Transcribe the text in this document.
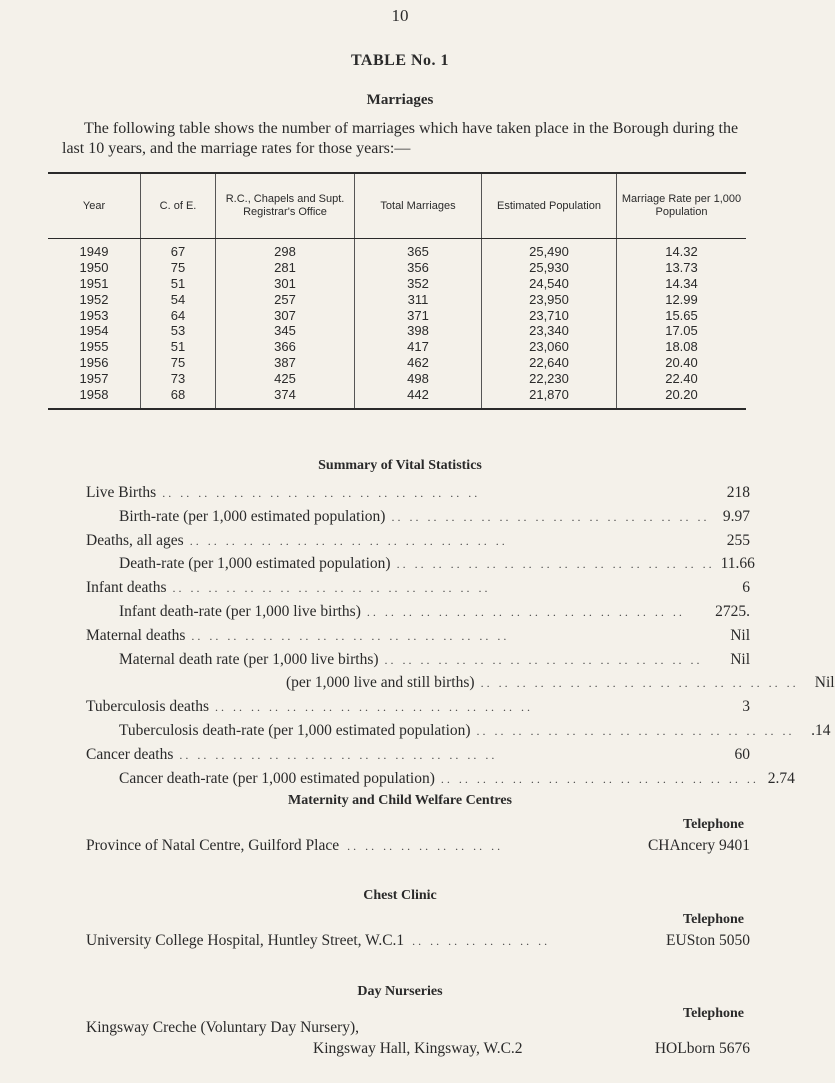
10
TABLE No. 1
Marriages
The following table shows the number of marriages which have taken place in the Borough during the last 10 years, and the marriage rates for those years:—
Year	C. of E.	R.C., Chapels and Supt. Registrar's Office	Total Marriages	Estimated Population	Marriage Rate per 1,000 Population
1949	67	298	365	25,490	14.32
1950	75	281	356	25,930	13.73
1951	51	301	352	24,540	14.34
1952	54	257	311	23,950	12.99
1953	64	307	371	23,710	15.65
1954	53	345	398	23,340	17.05
1955	51	366	417	23,060	18.08
1956	75	387	462	22,640	20.40
1957	73	425	498	22,230	22.40
1958	68	374	442	21,870	20.20
Summary of Vital Statistics
Live Births .. .. .. .. .. .. .. .. .. .. .. .. .. .. .. .. .. ..	218
Birth-rate (per 1,000 estimated population) .. .. .. .. .. .. .. .. .. .. .. .. .. .. .. .. .. .. 9.97
Deaths, all ages .. .. .. .. .. .. .. .. .. .. .. .. .. .. .. .. .. ..	255
Death-rate (per 1,000 estimated population) .. .. .. .. .. .. .. .. .. .. .. .. .. .. .. .. .. .. 11.66
Infant deaths .. .. .. .. .. .. .. .. .. .. .. .. .. .. .. .. .. ..	6
Infant death-rate (per 1,000 live births) .. .. .. .. .. .. .. .. .. .. .. .. .. .. .. .. .. ..	2725.
Maternal deaths .. .. .. .. .. .. .. .. .. .. .. .. .. .. .. .. .. ..	Nil
Maternal death rate (per 1,000 live births) .. .. .. .. .. .. .. .. .. .. .. .. .. .. .. .. .. ..	Nil
(per 1,000 live and still births) .. .. .. .. .. .. .. .. .. .. .. .. .. .. .. .. .. ..	Nil
Tuberculosis deaths .. .. .. .. .. .. .. .. .. .. .. .. .. .. .. .. .. ..	3
Tuberculosis death-rate (per 1,000 estimated population) .. .. .. .. .. .. .. .. .. .. .. .. .. .. .. .. .. ..	.14
Cancer deaths .. .. .. .. .. .. .. .. .. .. .. .. .. .. .. .. .. ..	60
Cancer death-rate (per 1,000 estimated population) .. .. .. .. .. .. .. .. .. .. .. .. .. .. .. .. .. .. 2.74
Maternity and Child Welfare Centres
Telephone
Province of Natal Centre, Guilford Place .. .. .. .. .. .. .. .. ..	CHAncery 9401
Chest Clinic
Telephone
University College Hospital, Huntley Street, W.C.1 .. .. .. .. .. .. .. ..	EUSton 5050
Day Nurseries
Telephone
Kingsway Creche (Voluntary Day Nursery),
Kingsway Hall, Kingsway, W.C.2	HOLborn 5676
